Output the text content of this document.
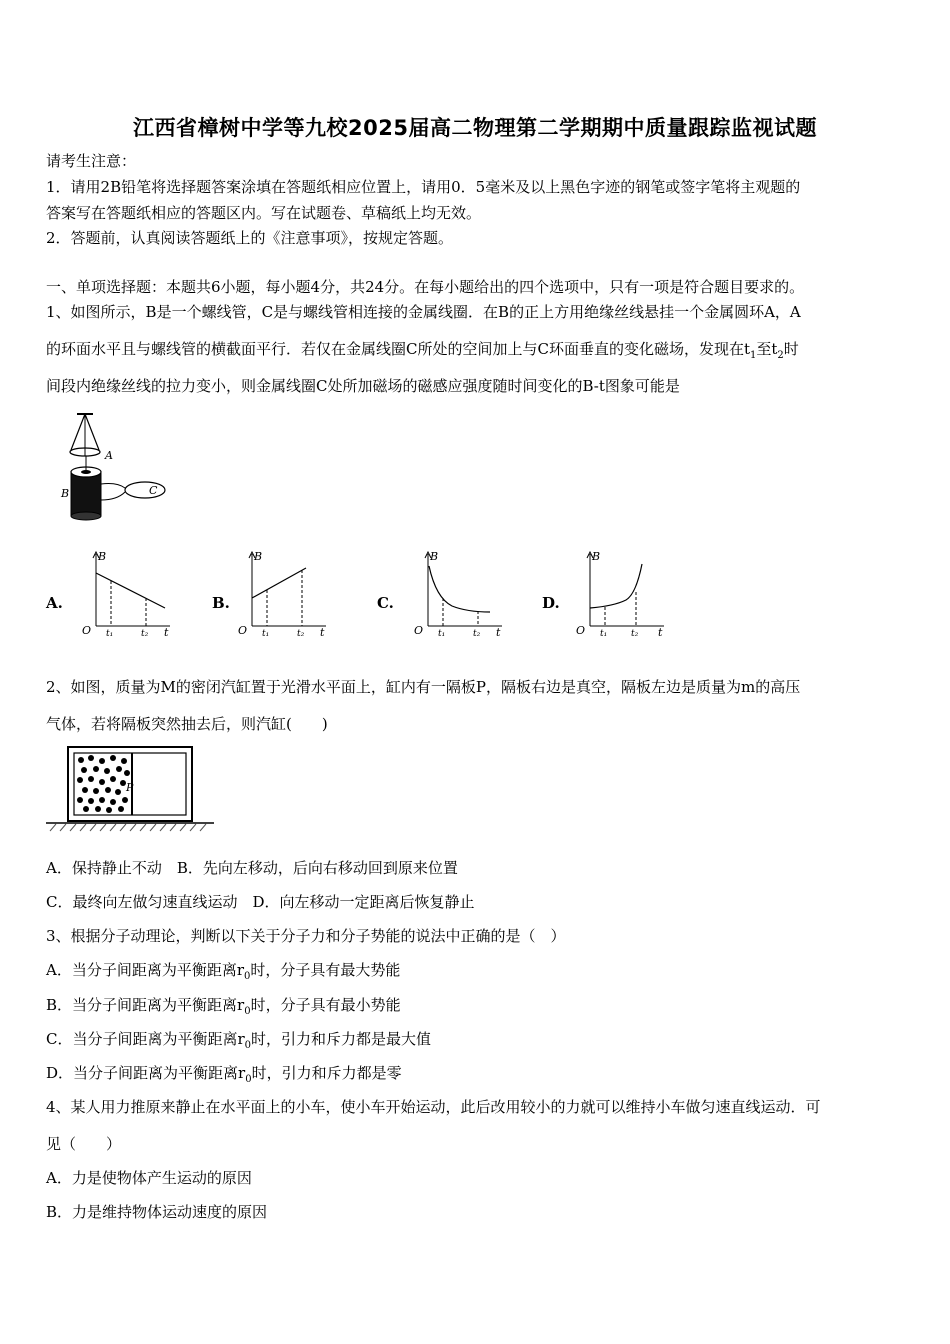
江西省樟树中学等九校2025届高二物理第二学期期中质量跟踪监视试题
请考生注意：
1．请用2B铅笔将选择题答案涂填在答题纸相应位置上，请用0．5毫米及以上黑色字迹的钢笔或签字笔将主观题的
答案写在答题纸相应的答题区内。写在试题卷、草稿纸上均无效。
2．答题前，认真阅读答题纸上的《注意事项》，按规定答题。
一、单项选择题：本题共6小题，每小题4分，共24分。在每小题给出的四个选项中，只有一项是符合题目要求的。
1、如图所示，B是一个螺线管，C是与螺线管相连接的金属线圈．在B的正上方用绝缘丝线悬挂一个金属圆环A，A
的环面水平且与螺线管的横截面平行．若仅在金属线圈C所处的空间加上与C环面垂直的变化磁场，发现在$t_1$至$t_2$时
间段内绝缘丝线的拉力变小，则金属线圈C处所加磁场的磁感应强度随时间变化的B-t图象可能是
A
B	C
A.
B
O t₁	t₂ t
B.
B
O t₁	t₂ t
C.
B
O t₁	t₂ t
D.
B
O t₁	t₂ t
2、如图，质量为M的密闭汽缸置于光滑水平面上，缸内有一隔板P，隔板右边是真空，隔板左边是质量为m的高压
气体，若将隔板突然抽去后，则汽缸(　　)
P
A．保持静止不动　B．先向左移动，后向右移动回到原来位置
C．最终向左做匀速直线运动　D．向左移动一定距离后恢复静止
3、根据分子动理论，判断以下关于分子力和分子势能的说法中正确的是（　）
A．当分子间距离为平衡距离$r_0$时，分子具有最大势能
B．当分子间距离为平衡距离$r_0$时，分子具有最小势能
C．当分子间距离为平衡距离$r_0$时，引力和斥力都是最大值
D．当分子间距离为平衡距离$r_0$时，引力和斥力都是零
4、某人用力推原来静止在水平面上的小车，使小车开始运动，此后改用较小的力就可以维持小车做匀速直线运动．可
见（　　）
A．力是使物体产生运动的原因
B．力是维持物体运动速度的原因
